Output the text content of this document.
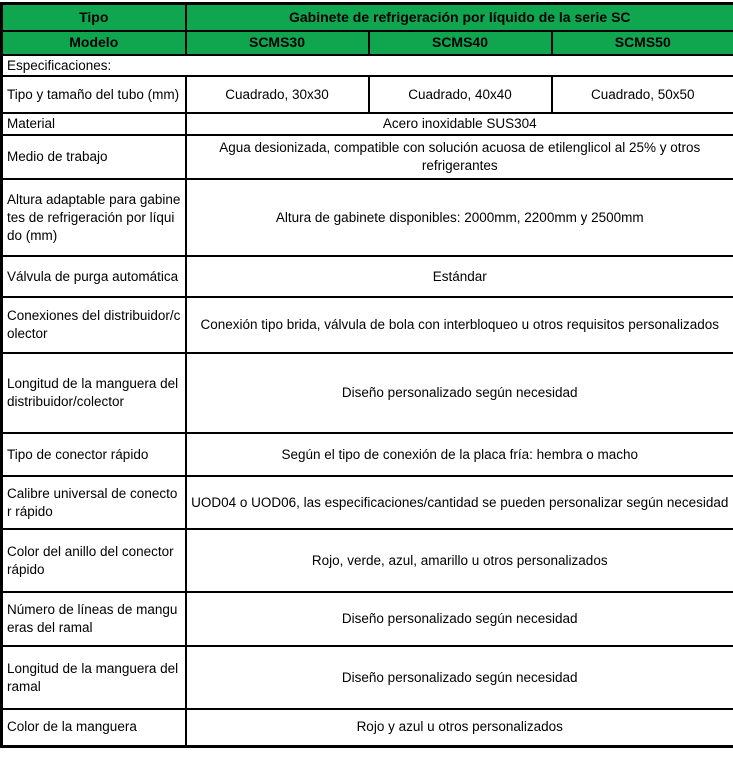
Tipo	Gabinete de refrigeración por líquido de la serie SC		
Modelo	SCMS30	SCMS40	SCMS50
Especificaciones:			
Tipo y tamaño del tubo (mm)	Cuadrado, 30x30	Cuadrado, 40x40	Cuadrado, 50x50
Material	Acero inoxidable SUS304		
Medio de trabajo	Agua desionizada, compatible con solución acuosa de etilenglicol al 25% y otros refrigerantes		
Altura adaptable para gabinetes de refrigeración por líquido (mm)	Altura de gabinete disponibles: 2000mm, 2200mm y 2500mm		
Válvula de purga automática	Estándar		
Conexiones del distribuidor/colector	Conexión tipo brida, válvula de bola con interbloqueo u otros requisitos personalizados		
Longitud de la manguera del distribuidor/colector	Diseño personalizado según necesidad		
Tipo de conector rápido	Según el tipo de conexión de la placa fría: hembra o macho		
Calibre universal de conector rápido	UOD04 o UOD06, las especificaciones/cantidad se pueden personalizar según necesidad		
Color del anillo del conector rápido	Rojo, verde, azul, amarillo u otros personalizados		
Número de líneas de mangueras del ramal	Diseño personalizado según necesidad		
Longitud de la manguera del ramal	Diseño personalizado según necesidad		
Color de la manguera	Rojo y azul u otros personalizados		
